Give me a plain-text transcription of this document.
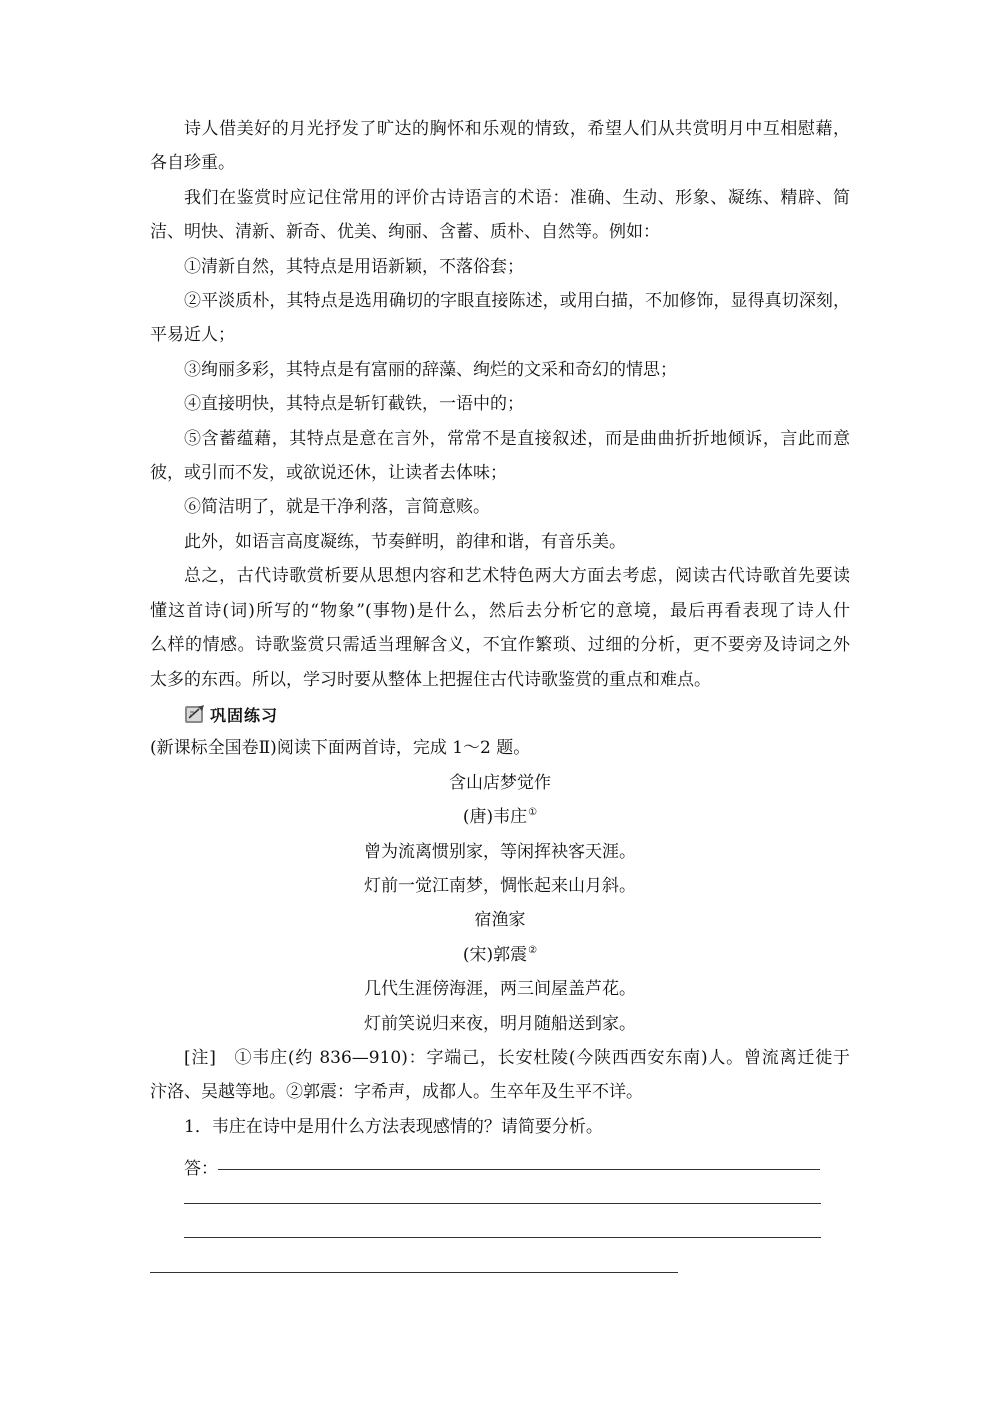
诗人借美好的月光抒发了旷达的胸怀和乐观的情致，希望人们从共赏明月中互相慰藉，
各自珍重。
我们在鉴赏时应记住常用的评价古诗语言的术语：准确、生动、形象、凝练、精辟、简
洁、明快、清新、新奇、优美、绚丽、含蓄、质朴、自然等。例如：
①清新自然，其特点是用语新颖，不落俗套；
②平淡质朴，其特点是选用确切的字眼直接陈述，或用白描，不加修饰，显得真切深刻，
平易近人；
③绚丽多彩，其特点是有富丽的辞藻、绚烂的文采和奇幻的情思；
④直接明快，其特点是斩钉截铁，一语中的；
⑤含蓄蕴藉，其特点是意在言外，常常不是直接叙述，而是曲曲折折地倾诉，言此而意
彼，或引而不发，或欲说还休，让读者去体味；
⑥简洁明了，就是干净利落，言简意赅。
此外，如语言高度凝练，节奏鲜明，韵律和谐，有音乐美。
总之，古代诗歌赏析要从思想内容和艺术特色两大方面去考虑，阅读古代诗歌首先要读
懂这首诗(词)所写的“物象”(事物)是什么，然后去分析它的意境，最后再看表现了诗人什
么样的情感。诗歌鉴赏只需适当理解含义，不宜作繁琐、过细的分析，更不要旁及诗词之外
太多的东西。所以，学习时要从整体上把握住古代诗歌鉴赏的重点和难点。
巩固练习
(新课标全国卷Ⅱ)阅读下面两首诗，完成 1～2 题。
含山店梦觉作
(唐)韦庄①
曾为流离惯别家，等闲挥袂客天涯。
灯前一觉江南梦，惆怅起来山月斜。
宿渔家
(宋)郭震②
几代生涯傍海涯，两三间屋盖芦花。
灯前笑说归来夜，明月随船送到家。
[注]　①韦庄(约 836—910)：字端己，长安杜陵(今陕西西安东南)人。曾流离迁徙于
汴洛、吴越等地。②郭震：字希声，成都人。生卒年及生平不详。
1．韦庄在诗中是用什么方法表现感情的？请简要分析。
答：
